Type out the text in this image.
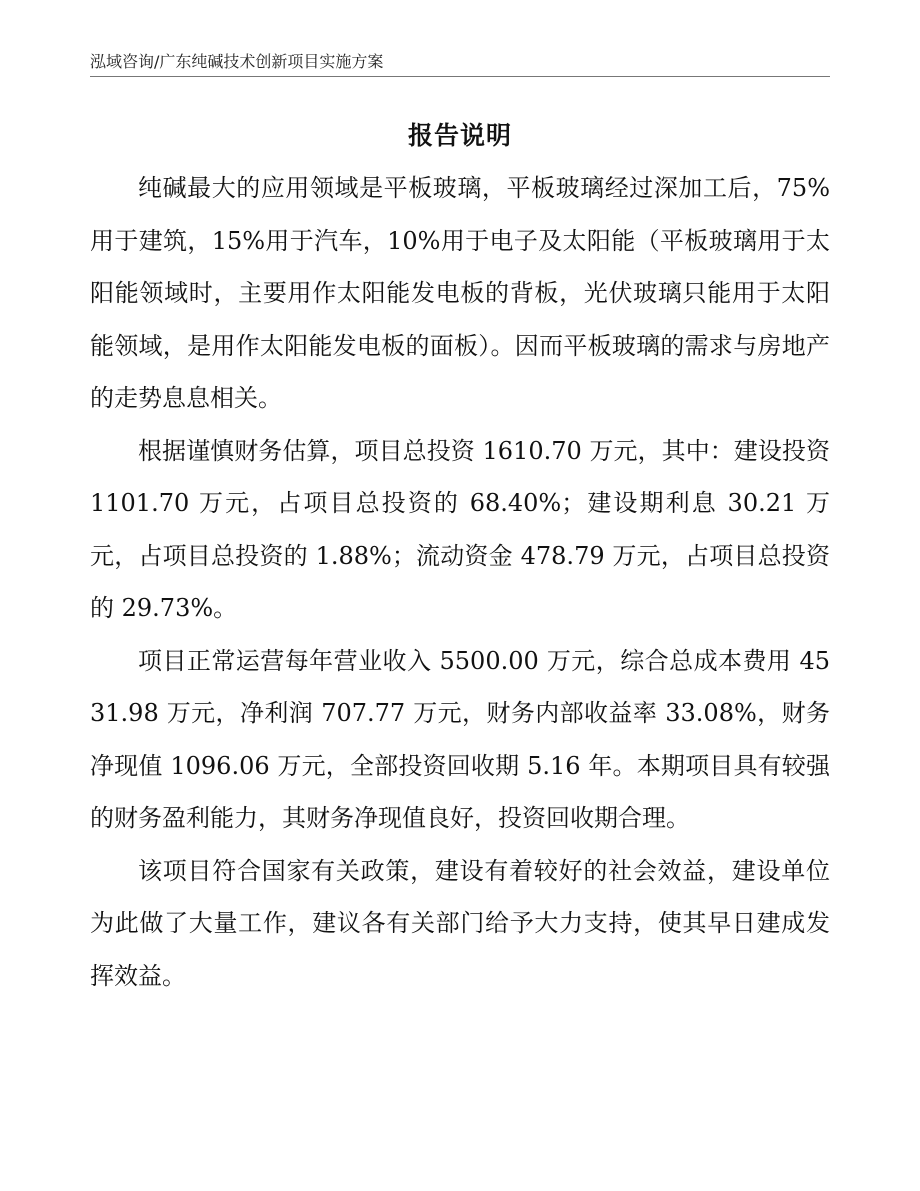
泓域咨询/广东纯碱技术创新项目实施方案
报告说明

纯碱最大的应用领域是平板玻璃，平板玻璃经过深加工后，75%用于建筑，15%用于汽车，10%用于电子及太阳能（平板玻璃用于太阳能领域时，主要用作太阳能发电板的背板，光伏玻璃只能用于太阳能领域，是用作太阳能发电板的面板）。因而平板玻璃的需求与房地产的走势息息相关。

根据谨慎财务估算，项目总投资 1610.70 万元，其中：建设投资 1101.70 万元，占项目总投资的 68.40%；建设期利息 30.21 万元，占项目总投资的 1.88%；流动资金 478.79 万元，占项目总投资的 29.73%。

项目正常运营每年营业收入 5500.00 万元，综合总成本费用 4531.98 万元，净利润 707.77 万元，财务内部收益率 33.08%，财务净现值 1096.06 万元，全部投资回收期 5.16 年。本期项目具有较强的财务盈利能力，其财务净现值良好，投资回收期合理。

该项目符合国家有关政策，建设有着较好的社会效益，建设单位为此做了大量工作，建议各有关部门给予大力支持，使其早日建成发挥效益。
